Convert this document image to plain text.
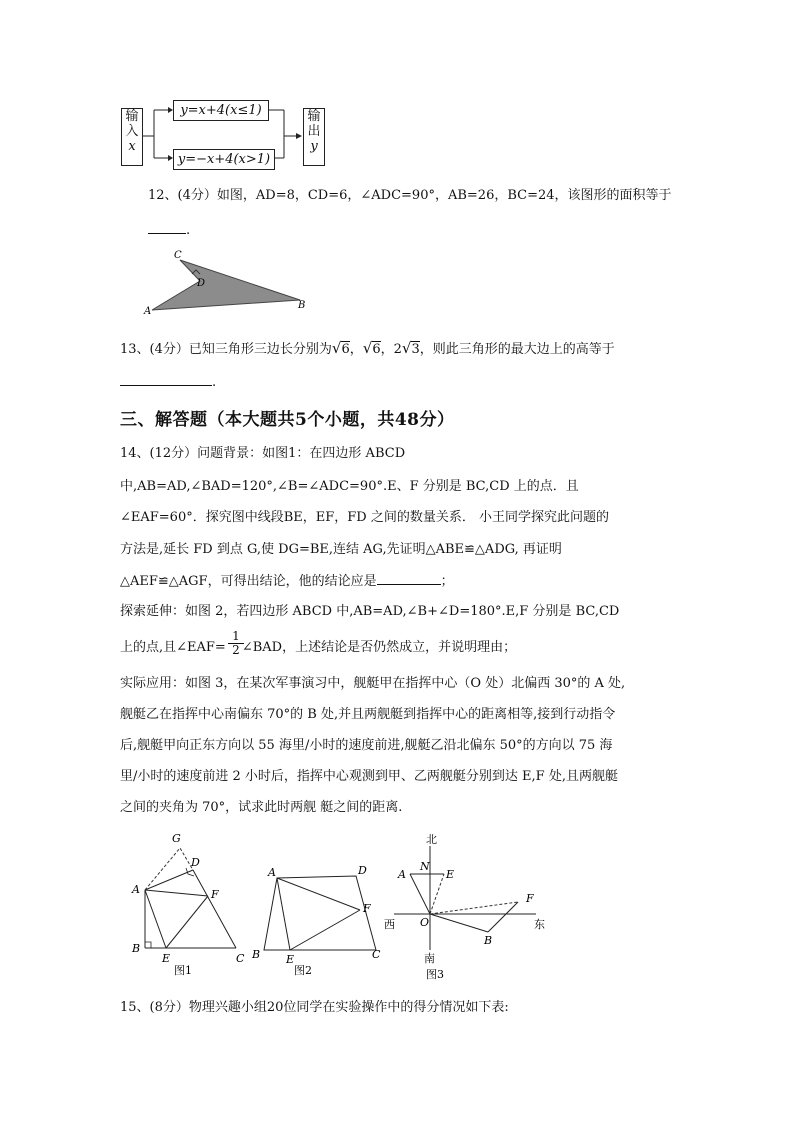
输
入
x
y=x+4(x≤1)
y=−x+4(x>1)
输
出
y
12、(4分）如图，AD=8，CD=6，∠ADC=90°，AB=26，BC=24，该图形的面积等于
.
C
D
A
B
13、(4分）已知三角形三边长分别为√6，√6，2√3，则此三角形的最大边上的高等于
.
三、解答题（本大题共5个小题，共48分）
14、(12分）问题背景：如图1：在四边形 ABCD
中,AB=AD,∠BAD=120°,∠B=∠ADC=90°.E、F 分别是 BC,CD 上的点．且
∠EAF=60°．探究图中线段BE，EF，FD 之间的数量关系． 小王同学探究此问题的
方法是,延长 FD 到点 G,使 DG=BE,连结 AG,先证明△ABE≌△ADG, 再证明
△AEF≌△AGF，可得出结论，他的结论应是	；
探索延伸：如图 2，若四边形 ABCD 中,AB=AD,∠B+∠D=180°.E,F 分别是 BC,CD
上的点,且∠EAF= ∠BAD，上述结论是否仍然成立，并说明理由；
$\frac{1}{2}$
实际应用：如图 3，在某次军事演习中，舰艇甲在指挥中心（O 处）北偏西 30°的 A 处,
舰艇乙在指挥中心南偏东 70°的 B 处,并且两舰艇到指挥中心的距离相等,接到行动指令
后,舰艇甲向正东方向以 55 海里/小时的速度前进,舰艇乙沿北偏东 50°的方向以 75 海
里/小时的速度前进 2 小时后，指挥中心观测到甲、乙两舰艇分别到达 E,F 处,且两舰艇
之间的夹角为 70°，试求此时两舰 艇之间的距离.
G
D
A	F
B
E	C
图1
A	D
F
B E	C
图2
北
西	东
南
N
A	E
F
O
B
图3
15、(8分）物理兴趣小组20位同学在实验操作中的得分情况如下表:
